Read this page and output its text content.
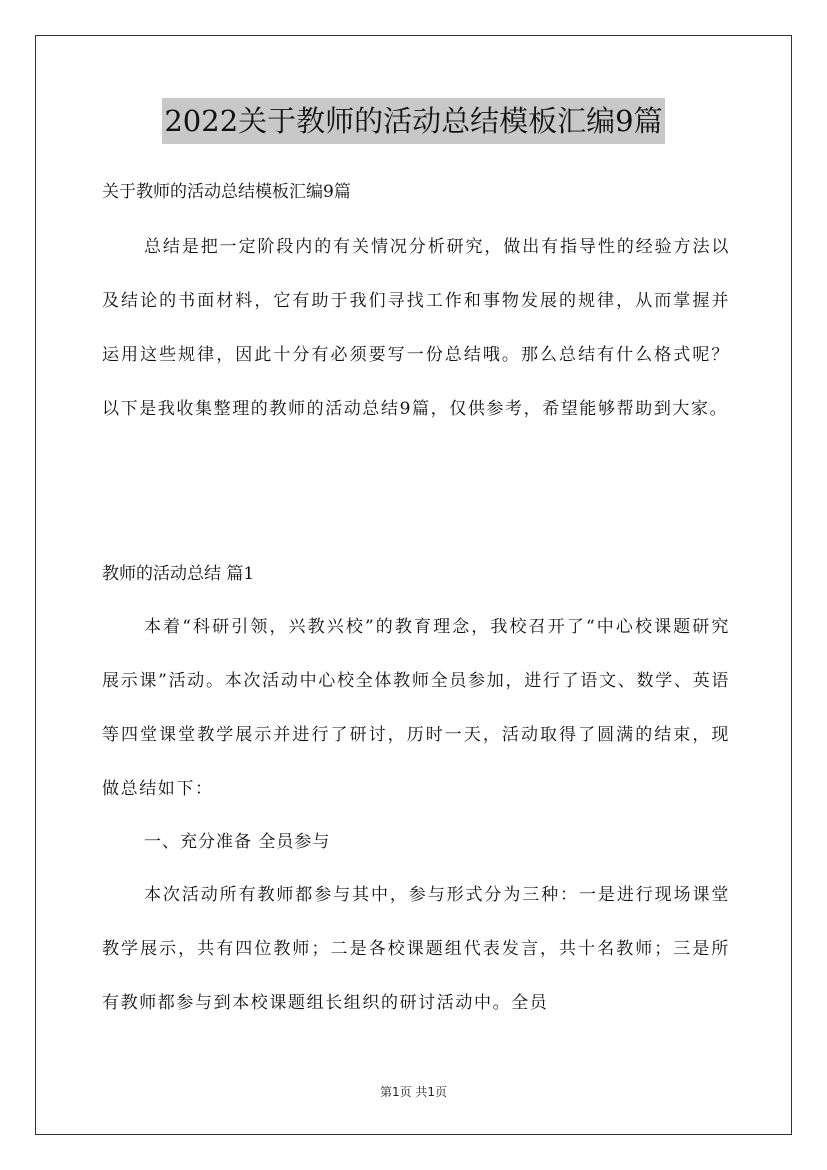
2022关于教师的活动总结模板汇编9篇
关于教师的活动总结模板汇编9篇
总结是把一定阶段内的有关情况分析研究，做出有指导性的经验方法以及结论的书面材料，它有助于我们寻找工作和事物发展的规律，从而掌握并运用这些规律，因此十分有必须要写一份总结哦。那么总结有什么格式呢？以下是我收集整理的教师的活动总结9篇，仅供参考，希望能够帮助到大家。
教师的活动总结 篇1
本着“科研引领，兴教兴校”的教育理念，我校召开了“中心校课题研究展示课”活动。本次活动中心校全体教师全员参加，进行了语文、数学、英语等四堂课堂教学展示并进行了研讨，历时一天，活动取得了圆满的结束，现做总结如下：
一、充分准备 全员参与
本次活动所有教师都参与其中，参与形式分为三种：一是进行现场课堂教学展示，共有四位教师；二是各校课题组代表发言，共十名教师；三是所有教师都参与到本校课题组长组织的研讨活动中。全员
第1页 共1页
